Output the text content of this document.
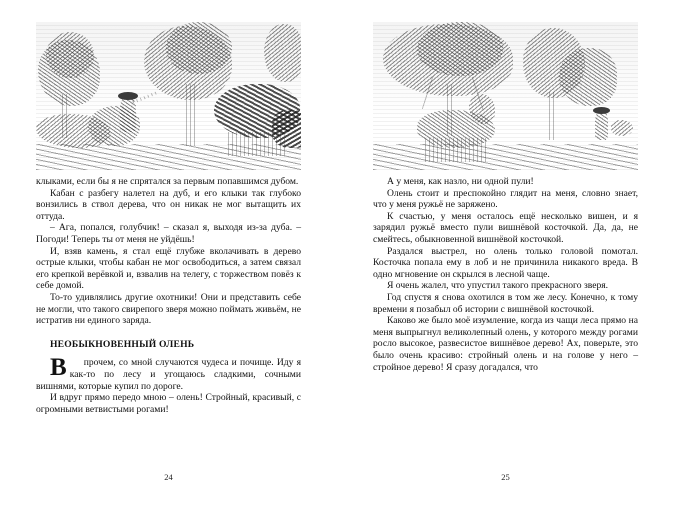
клыками, если бы я не спрятался за первым попавшимся дубом.

Кабан с разбегу налетел на дуб, и его клыки так глубоко вонзились в ствол дерева, что он никак не мог вытащить их оттуда.

– Ага, попался, голубчик! – сказал я, выходя из-за дуба. – Погоди! Теперь ты от меня не уйдёшь!

И, взяв камень, я стал ещё глубже вколачивать в дерево острые клыки, чтобы кабан не мог освободиться, а затем связал его крепкой верёвкой и, взвалив на телегу, с торжеством повёз к себе домой.

То-то удивлялись другие охотники! Они и представить себе не могли, что такого свирепого зверя можно поймать живьём, не истратив ни единого заряда.

НЕОБЫКНОВЕННЫЙ ОЛЕНЬ

В	прочем, со мной случаются чудеса и почище. Иду я как-то по лесу и угощаюсь сладкими, сочными вишнями, которые купил по дороге.

И вдруг прямо передо мною – олень! Стройный, красивый, с огромными ветвистыми рогами!

24

А у меня, как назло, ни одной пули!

Олень стоит и преспокойно глядит на меня, словно знает, что у меня ружьё не заряжено.

К счастью, у меня осталось ещё несколько вишен, и я зарядил ружьё вместо пули вишнёвой косточкой. Да, да, не смейтесь, обыкновенной вишнёвой косточкой.

Раздался выстрел, но олень только головой помотал. Косточка попала ему в лоб и не причинила никакого вреда. В одно мгновение он скрылся в лесной чаще.

Я очень жалел, что упустил такого прекрасного зверя.

Год спустя я снова охотился в том же лесу. Конечно, к тому времени я позабыл об истории с вишнёвой косточкой.

Каково же было моё изумление, когда из чащи леса прямо на меня выпрыгнул великолепный олень, у которого между рогами росло высокое, развесистое вишнёвое дерево! Ах, поверьте, это было очень красиво: стройный олень и на голове у него – стройное дерево! Я сразу догадался, что

25
